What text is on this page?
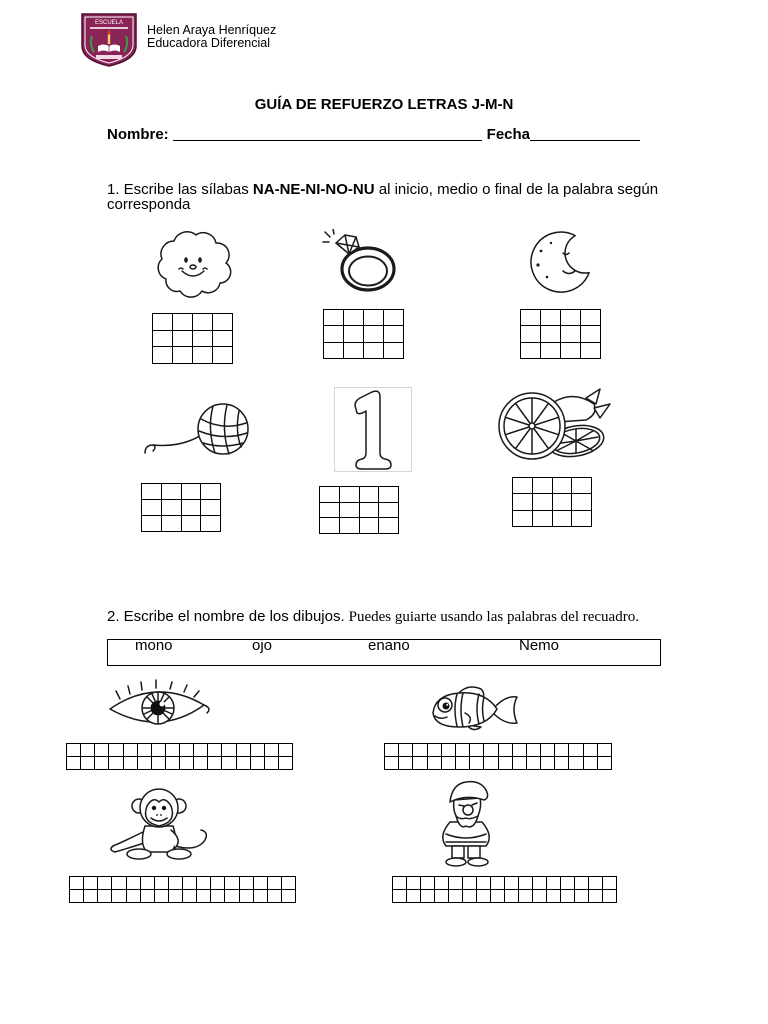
ESCUELA Helen Araya Henríquez
Educadora Diferencial
GUÍA DE REFUERZO LETRAS J-M-N
Nombre:	Fecha
1. Escribe las sílabas NA-NE-NI-NO-NU al inicio, medio o final de la palabra según corresponda
2. Escribe el nombre de los dibujos. Puedes guiarte usando las palabras del recuadro.
mono	ojo	enano	Nemo
